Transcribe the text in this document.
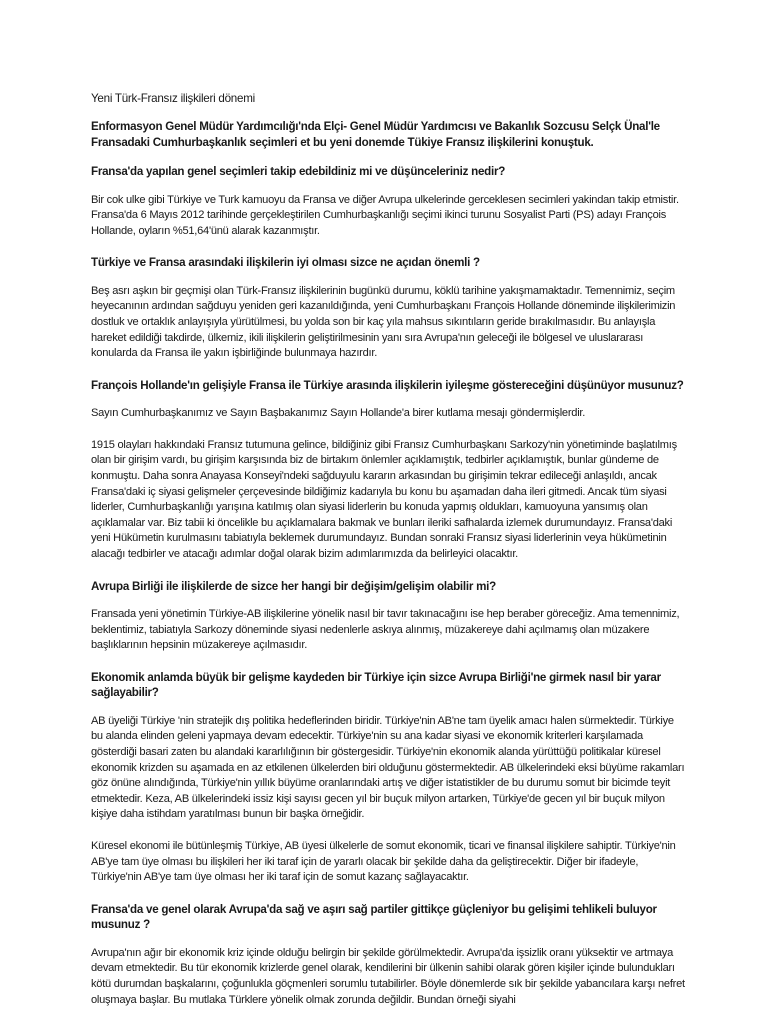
Yeni Türk-Fransız ilişkileri dönemi

Enformasyon Genel Müdür Yardımcılığı'nda Elçi- Genel Müdür Yardımcısı ve Bakanlık Sozcusu Selçk Ünal'le Fransadaki Cumhurbaşkanlık seçimleri et bu yeni donemde Tükiye Fransız ilişkilerini konuştuk.

Fransa'da yapılan genel seçimleri takip edebildiniz mi ve düşünceleriniz nedir?

Bir cok ulke gibi Türkiye ve Turk kamuoyu da Fransa ve diğer Avrupa ulkelerinde gerceklesen secimleri yakindan takip etmistir. Fransa'da 6 Mayıs 2012 tarihinde gerçekleştirilen Cumhurbaşkanlığı seçimi ikinci turunu Sosyalist Parti (PS) adayı François Hollande, oyların %51,64'ünü alarak kazanmıştır.

Türkiye ve Fransa arasındaki ilişkilerin iyi olması sizce ne açıdan önemli ?

Beş asrı aşkın bir geçmişi olan Türk-Fransız ilişkilerinin bugünkü durumu, köklü tarihine yakışmamaktadır. Temennimiz, seçim heyecanının ardından sağduyu yeniden geri kazanıldığında, yeni Cumhurbaşkanı François Hollande döneminde ilişkilerimizin dostluk ve ortaklık anlayışıyla yürütülmesi, bu yolda son bir kaç yıla mahsus sıkıntıların geride bırakılmasıdır. Bu anlayışla hareket edildiği takdirde, ülkemiz, ikili ilişkilerin geliştirilmesinin yanı sıra Avrupa'nın geleceği ile bölgesel ve uluslararası konularda da Fransa ile yakın işbirliğinde bulunmaya hazırdır.

François Hollande'ın gelişiyle Fransa ile Türkiye arasında ilişkilerin iyileşme göstereceğini düşünüyor musunuz?

Sayın Cumhurbaşkanımız ve Sayın Başbakanımız Sayın Hollande'a birer kutlama mesajı göndermişlerdir.

1915 olayları hakkındaki Fransız tutumuna gelince, bildiğiniz gibi Fransız Cumhurbaşkanı Sarkozy'nin yönetiminde başlatılmış olan bir girişim vardı, bu girişim karşısında biz de birtakım önlemler açıklamıştık, tedbirler açıklamıştık, bunlar gündeme de konmuştu. Daha sonra Anayasa Konseyi'ndeki sağduyulu kararın arkasından bu girişimin tekrar edileceği anlaşıldı, ancak Fransa'daki iç siyasi gelişmeler çerçevesinde bildiğimiz kadarıyla bu konu bu aşamadan daha ileri gitmedi. Ancak tüm siyasi liderler, Cumhurbaşkanlığı yarışına katılmış olan siyasi liderlerin bu konuda yapmış oldukları, kamuoyuna yansımış olan açıklamalar var. Biz tabii ki öncelikle bu açıklamalara bakmak ve bunları ileriki safhalarda izlemek durumundayız. Fransa'daki yeni Hükümetin kurulmasını tabiatıyla beklemek durumundayız. Bundan sonraki Fransız siyasi liderlerinin veya hükümetinin alacağı tedbirler ve atacağı adımlar doğal olarak bizim adımlarımızda da belirleyici olacaktır.

Avrupa Birliği ile ilişkilerde de sizce her hangi bir değişim/gelişim olabilir mi?

Fransada yeni yönetimin Türkiye-AB ilişkilerine yönelik nasıl bir tavır takınacağını ise hep beraber göreceğiz. Ama temennimiz, beklentimiz, tabiatıyla Sarkozy döneminde siyasi nedenlerle askıya alınmış, müzakereye dahi açılmamış olan müzakere başlıklarının hepsinin müzakereye açılmasıdır.

Ekonomik anlamda büyük bir gelişme kaydeden bir Türkiye için sizce Avrupa Birliği'ne girmek nasıl bir yarar sağlayabilir?

AB üyeliği Türkiye 'nin stratejik dış politika hedeflerinden biridir. Türkiye'nin AB'ne tam üyelik amacı halen sürmektedir. Türkiye bu alanda elinden geleni yapmaya devam edecektir. Türkiye'nin su ana kadar siyasi ve ekonomik kriterleri karşılamada gösterdiği basari zaten bu alandaki kararlılığının bir göstergesidir. Türkiye'nin ekonomik alanda yürüttüğü politikalar küresel ekonomik krizden su aşamada en az etkilenen ülkelerden biri olduğunu göstermektedir. AB ülkelerindeki eksi büyüme rakamları göz önüne alındığında, Türkiye'nin yıllık büyüme oranlarındaki artış ve diğer istatistikler de bu durumu somut bir bicimde teyit etmektedir. Keza, AB ülkelerindeki issiz kişi sayısı gecen yıl bir buçuk milyon artarken, Türkiye'de gecen yıl bir buçuk milyon kişiye daha istihdam yaratılması bunun bir başka örneğidir.

Küresel ekonomi ile bütünleşmiş Türkiye, AB üyesi ülkelerle de somut ekonomik, ticari ve finansal ilişkilere sahiptir. Türkiye'nin AB'ye tam üye olması bu ilişkileri her iki taraf için de yararlı olacak bir şekilde daha da geliştirecektir. Diğer bir ifadeyle, Türkiye'nin AB'ye tam üye olması her iki taraf için de somut kazanç sağlayacaktır.

Fransa'da ve genel olarak Avrupa'da sağ ve aşırı sağ partiler gittikçe güçleniyor bu gelişimi tehlikeli buluyor musunuz ?

Avrupa'nın ağır bir ekonomik kriz içinde olduğu belirgin bir şekilde görülmektedir. Avrupa'da işsizlik oranı yüksektir ve artmaya devam etmektedir. Bu tür ekonomik krizlerde genel olarak, kendilerini bir ülkenin sahibi olarak gören kişiler içinde bulundukları kötü durumdan başkalarını, çoğunlukla göçmenleri sorumlu tutabilirler. Böyle dönemlerde sık bir şekilde yabancılara karşı nefret oluşmaya başlar. Bu mutlaka Türklere yönelik olmak zorunda değildir. Bundan örneği siyahi
